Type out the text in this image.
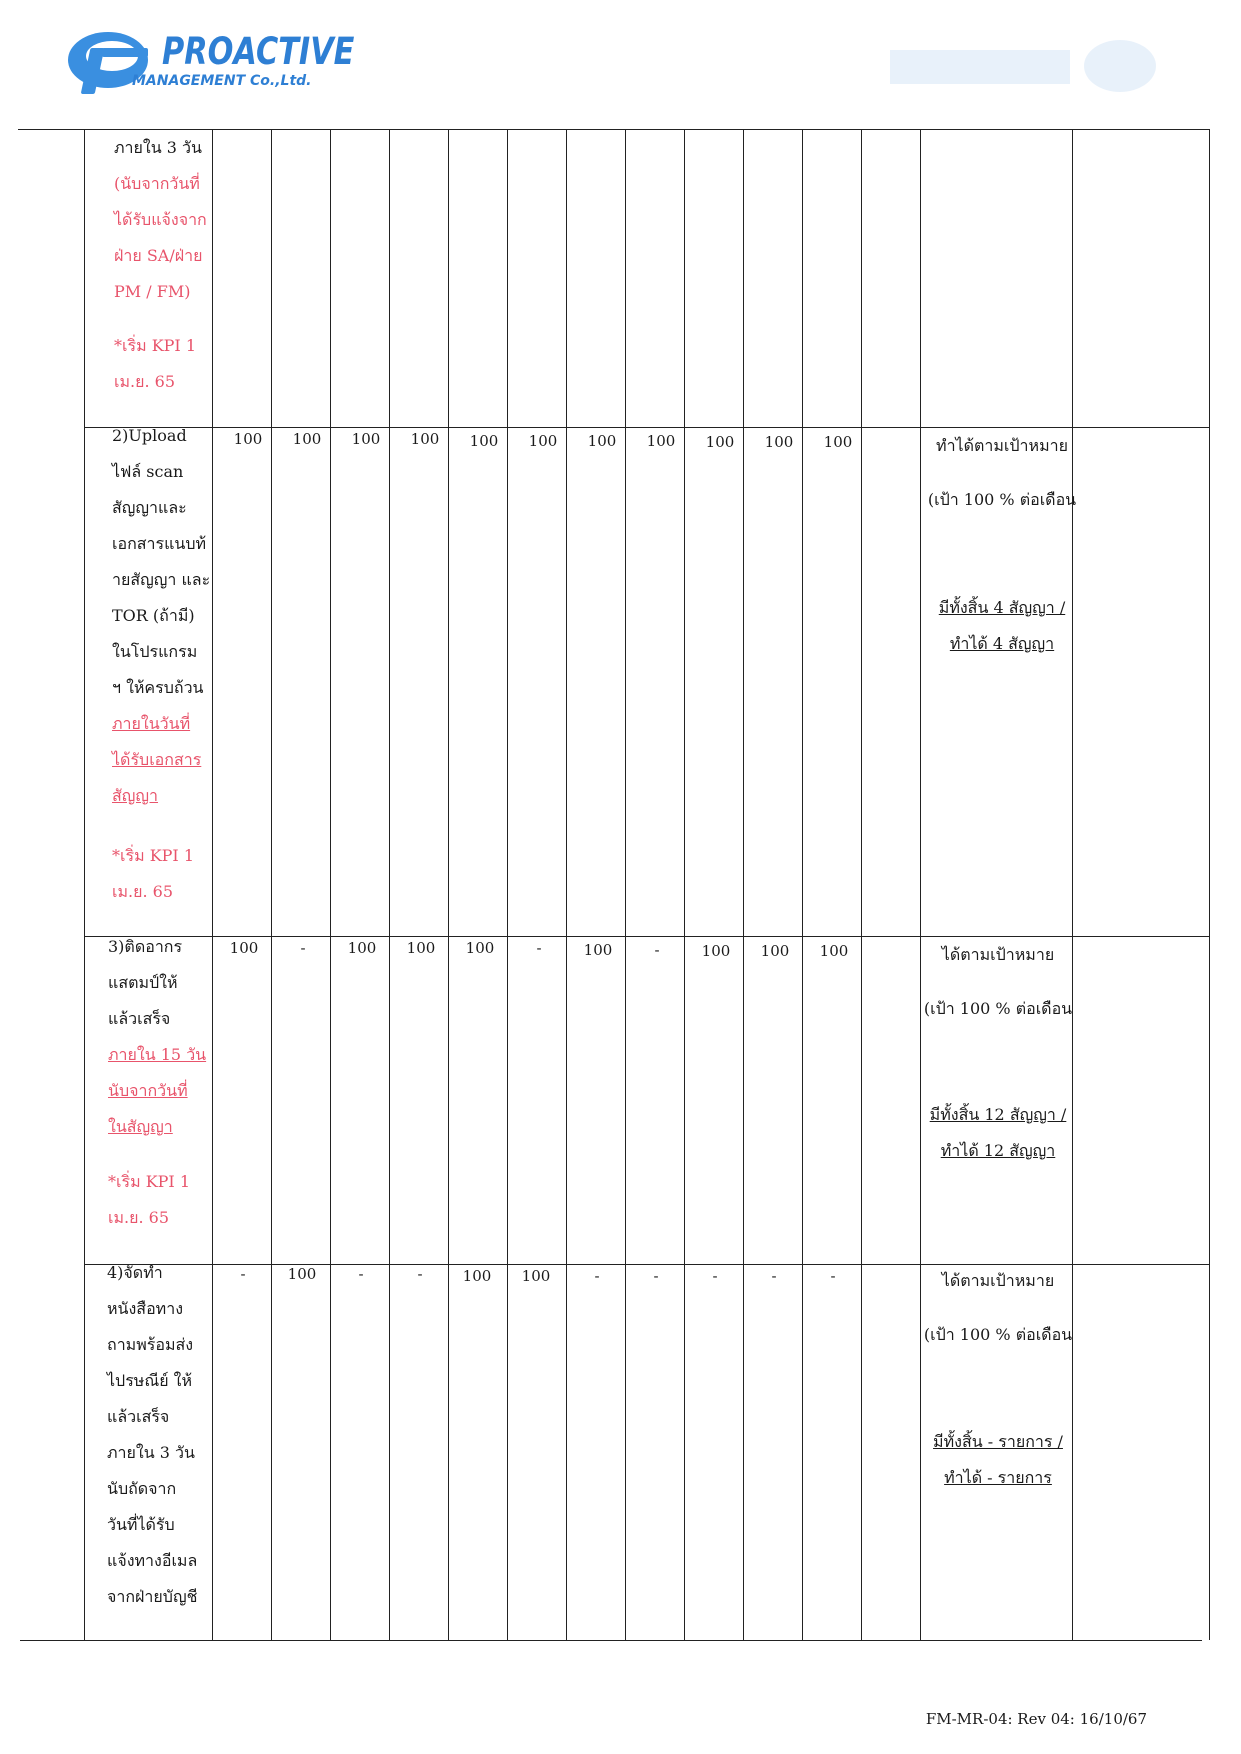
PROACTIVE
MANAGEMENT Co.,Ltd.
ภายใน 3 วัน
(นับจากวันที่
ได้รับแจ้งจาก
ฝ่าย SA/ฝ่าย
PM / FM)
*เริ่ม KPI 1
เม.ย. 65
2)Upload
ไฟล์ scan
สัญญาและ
เอกสารแนบท้
ายสัญญา และ
TOR (ถ้ามี)
ในโปรแกรม
ฯ ให้ครบถ้วน
ภายในวันที่
ได้รับเอกสาร
สัญญา
*เริ่ม KPI 1
เม.ย. 65
100	100	100	100	100	100	100	100	100	100	100	ทำได้ตามเป้าหมาย
(เป้า 100 % ต่อเดือน
มีทั้งสิ้น 4 สัญญา /
ทำได้ 4 สัญญา
3)ติดอากร
แสตมป์ให้
แล้วเสร็จ
ภายใน 15 วัน
นับจากวันที่
ในสัญญา
*เริ่ม KPI 1
เม.ย. 65
100	-	100	100	100	-	100	-	100	100	100	ได้ตามเป้าหมาย
(เป้า 100 % ต่อเดือน
มีทั้งสิ้น 12 สัญญา /
ทำได้ 12 สัญญา
4)จัดทำ
หนังสือทาง
ถามพร้อมส่ง
ไปรษณีย์ ให้
แล้วเสร็จ
ภายใน 3 วัน
นับถัดจาก
วันที่ได้รับ
แจ้งทางอีเมล
จากฝ่ายบัญชี
-	100	-	-	100	100	-	-	-	-	-	ได้ตามเป้าหมาย
(เป้า 100 % ต่อเดือน
มีทั้งสิ้น - รายการ /
ทำได้ - รายการ
FM-MR-04: Rev 04: 16/10/67
